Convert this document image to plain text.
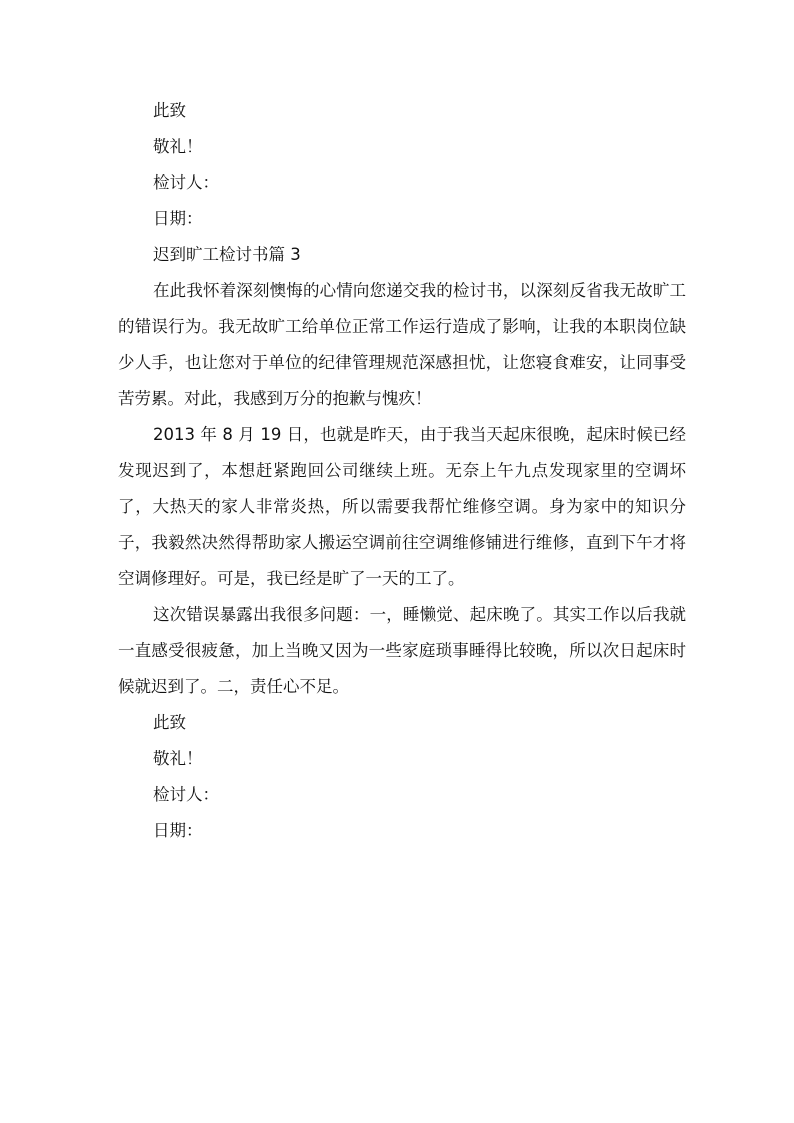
此致

敬礼！

检讨人：

日期：

迟到旷工检讨书篇 3

在此我怀着深刻懊悔的心情向您递交我的检讨书，以深刻反省我无故旷工的错误行为。我无故旷工给单位正常工作运行造成了影响，让我的本职岗位缺少人手，也让您对于单位的纪律管理规范深感担忧，让您寝食难安，让同事受苦劳累。对此，我感到万分的抱歉与愧疚！

2013 年 8 月 19 日，也就是昨天，由于我当天起床很晚，起床时候已经发现迟到了，本想赶紧跑回公司继续上班。无奈上午九点发现家里的空调坏了，大热天的家人非常炎热，所以需要我帮忙维修空调。身为家中的知识分子，我毅然决然得帮助家人搬运空调前往空调维修铺进行维修，直到下午才将空调修理好。可是，我已经是旷了一天的工了。

这次错误暴露出我很多问题：一，睡懒觉、起床晚了。其实工作以后我就一直感受很疲惫，加上当晚又因为一些家庭琐事睡得比较晚，所以次日起床时候就迟到了。二，责任心不足。

此致

敬礼！

检讨人：

日期：
